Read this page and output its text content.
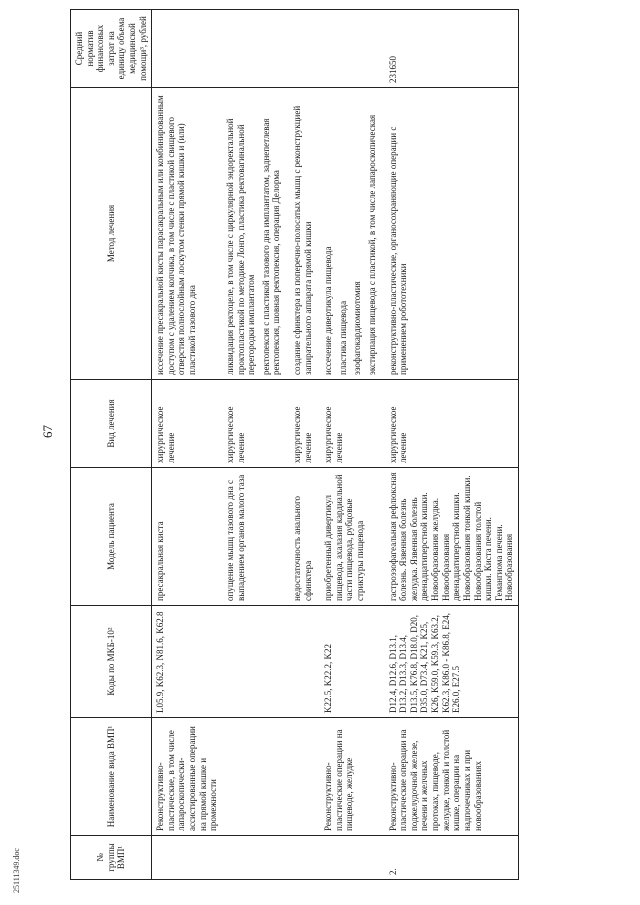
67
25111349.doc	№ группы ВМП¹	Наименование вида ВМП¹	Коды по МКБ-10²	Модель пациента	Вид лечения	Метод лечения	Средний норматив финансовых затрат на единицу объема медицинской помощи³, рублей
	Реконструктивно-пластические, в том числе лапароскопически-ассистированные операции на прямой кишке и промежности	L05.9, K62.3, N81.6, K62.8	пресакральная киста	хирургическое лечение	иссечение пресакральной кисты парасакральным или комбинированным доступом с удалением копчика, в том числе с пластикой свищевого отверстия полнослойным лоскутом стенки прямой кишки и (или) пластикой тазового дна	

			опущение мышц тазового дна с выпадением органов малого таза	хирургическое лечение	ликвидация ректоцеле, в том числе с циркулярной эндоректальной проктопластикой по методике Лонго, пластика ректовагинальной перегородки имплантатом ректопексия с пластикой тазового дна имплантатом, заднепетлевая ректопексия, шовная ректопексия, операция Делорма	

			недостаточность анального сфинктера	хирургическое лечение	создание сфинктера из поперечно-полосатых мышц с реконструкцией запирательного аппарата прямой кишки	

	Реконструктивно-пластические операции на пищеводе, желудке	K22.5, K22.2, K22	приобретенный дивертикул пищевода, ахалазия кардиальной части пищевода, рубцовые стриктуры пищевода	хирургическое лечение	иссечение дивертикула пищевода пластика пищевода эзофагокардиомиотомия экстирпация пищевода с пластикой, в том числе лапароскопическая	

2.	Реконструктивно-пластические операции на поджелудочной железе, печени и желчных протоках, пищеводе, желудке, тонкой и толстой кишке, операции на надпочечниках и при новообразованиях	D12.4, D12.6, D13.1, D13.2, D13.3, D13.4, D13.5, K76.8, D18.0, D20, D35.0, D73.4, K21, K25, K26, K59.0, K59.3, K63.2, K62.3, K86.0 - K86.8, E24, E26.0, E27.5	гастроэзофагеальная рефлюксная болезнь. Язвенная болезнь желудка. Язвенная болезнь двенадцатиперстной кишки. Новообразования желудка. Новообразования двенадцатиперстной кишки. Новообразования тонкой кишки. Новообразования толстой кишки. Киста печени. Гемангиома печени. Новообразования	хирургическое лечение	реконструктивно-пластические, органосохраняющие операции с применением робототехники	231650
